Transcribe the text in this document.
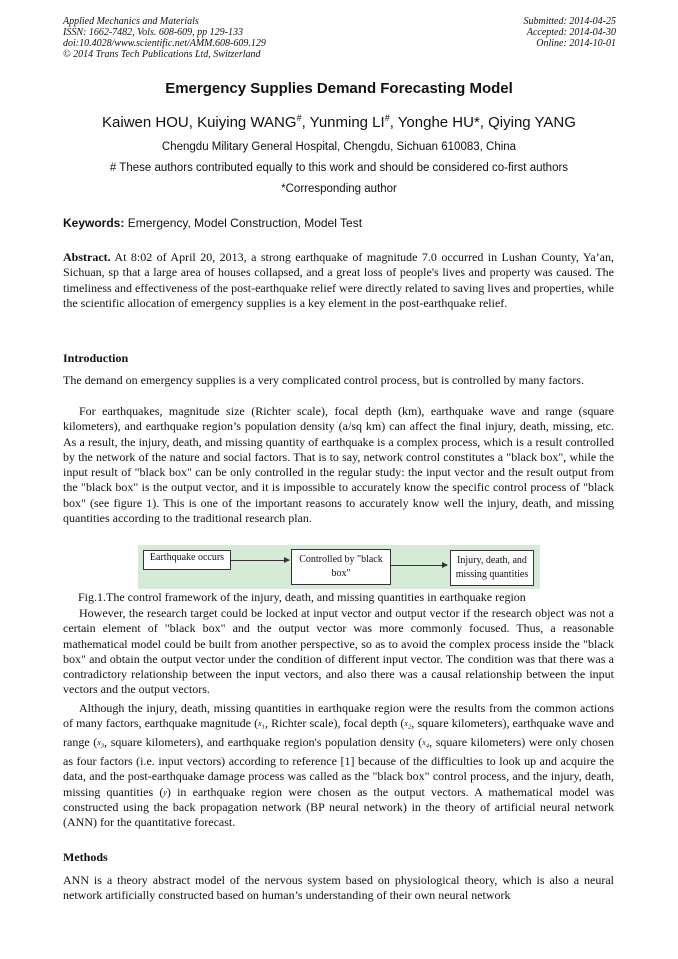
Applied Mechanics and Materials
ISSN: 1662-7482, Vols. 608-609, pp 129-133
doi:10.4028/www.scientific.net/AMM.608-609.129
© 2014 Trans Tech Publications Ltd, Switzerland
Submitted: 2014-04-25
Accepted: 2014-04-30
Online: 2014-10-01
Emergency Supplies Demand Forecasting Model
Kaiwen HOU, Kuiying WANG#, Yunming LI#, Yonghe HU*, Qiying YANG
Chengdu Military General Hospital, Chengdu, Sichuan 610083, China
# These authors contributed equally to this work and should be considered co-first authors
*Corresponding author
Keywords: Emergency, Model Construction, Model Test
Abstract. At 8:02 of April 20, 2013, a strong earthquake of magnitude 7.0 occurred in Lushan County, Ya’an, Sichuan, sp that a large area of houses collapsed, and a great loss of people's lives and property was caused. The timeliness and effectiveness of the post-earthquake relief were directly related to saving lives and properties, while the scientific allocation of emergency supplies is a key element in the post-earthquake relief.
Introduction
The demand on emergency supplies is a very complicated control process, but is controlled by many factors.
For earthquakes, magnitude size (Richter scale), focal depth (km), earthquake wave and range (square kilometers), and earthquake region’s population density (a/sq km) can affect the final injury, death, missing, etc. As a result, the injury, death, and missing quantity of earthquake is a complex process, which is a result controlled by the network of the nature and social factors. That is to say, network control constitutes a "black box", while the input result of "black box" can be only controlled in the regular study: the input vector and the result output from the "black box" is the output vector, and it is impossible to accurately know the specific control process of "black box" (see figure 1). This is one of the important reasons to accurately know well the injury, death, and missing quantities according to the traditional research plan.
Earthquake occurs	Controlled by "black
box"
Injury, death, and
missing quantities
Fig.1.The control framework of the injury, death, and missing quantities in earthquake region
However, the research target could be locked at input vector and output vector if the research object was not a certain element of "black box" and the output vector was more commonly focused. Thus, a reasonable mathematical model could be built from another perspective, so as to avoid the complex process inside the "black box" and obtain the output vector under the condition of different input vector. The condition was that there was a contradictory relationship between the input vectors, and also there was a causal relationship between the input vectors and the output vectors.
Although the injury, death, missing quantities in earthquake region were the results from the common actions of many factors, earthquake magnitude ($x_1$, Richter scale), focal depth ($x_2$, square kilometers), earthquake wave and range ($x_3$, square kilometers), and earthquake region's population density ($x_4$, square kilometers) were only chosen as four factors (i.e. input vectors) according to reference [1] because of the difficulties to look up and acquire the data, and the post-earthquake damage process was called as the "black box" control process, and the injury, death, missing quantities (y) in earthquake region were chosen as the output vectors. A mathematical model was constructed using the back propagation network (BP neural network) in the theory of artificial neural network (ANN) for the quantitative forecast.
Methods
ANN is a theory abstract model of the nervous system based on physiological theory, which is also a neural network artificially constructed based on human’s understanding of their own neural network
